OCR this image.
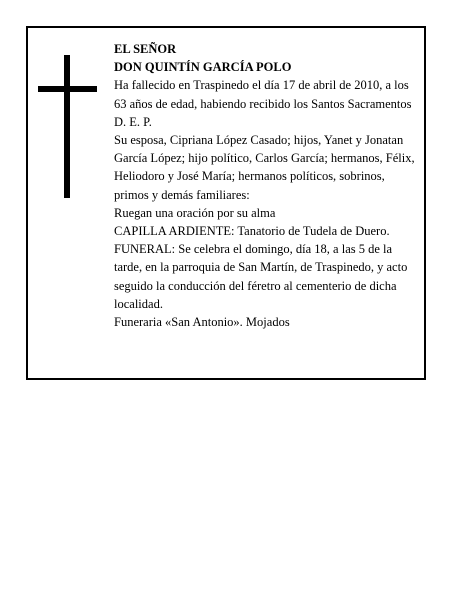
EL SEÑOR

DON QUINTÍN GARCÍA POLO

Ha fallecido en Traspinedo el día 17 de abril de 2010, a los 63 años de edad, habiendo recibido los Santos Sacramentos

D. E. P.

Su esposa, Cipriana López Casado; hijos, Yanet y Jonatan García López; hijo político, Carlos García; hermanos, Félix, Heliodoro y José María; hermanos políticos, sobrinos, primos y demás familiares:

Ruegan una oración por su alma

CAPILLA ARDIENTE: Tanatorio de Tudela de Duero.

FUNERAL: Se celebra el domingo, día 18, a las 5 de la tarde, en la parroquia de San Martín, de Traspinedo, y acto seguido la conducción del féretro al cementerio de dicha localidad.

Funeraria «San Antonio». Mojados
